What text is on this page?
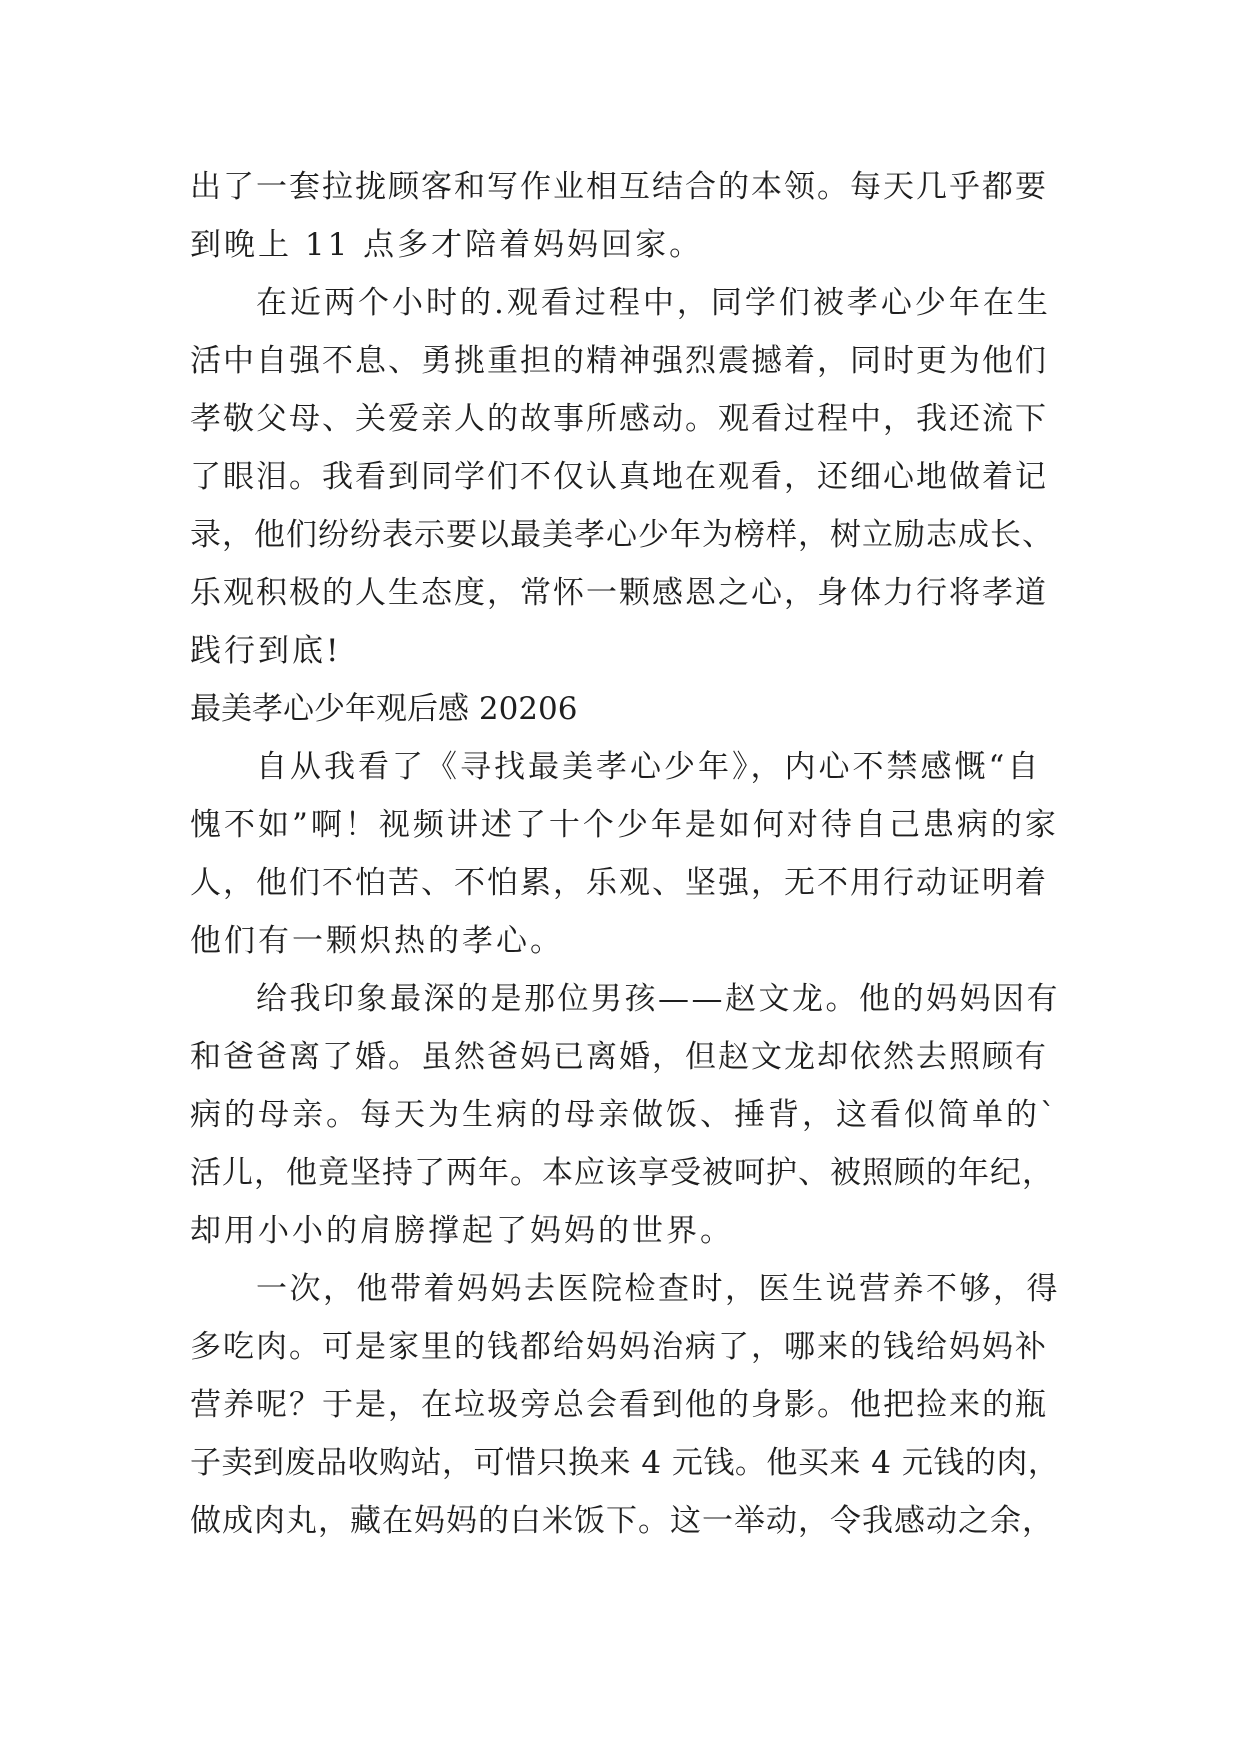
出了一套拉拢顾客和写作业相互结合的本领。每天几乎都要
到晚上 11 点多才陪着妈妈回家。
在近两个小时的.观看过程中，同学们被孝心少年在生
活中自强不息、勇挑重担的精神强烈震撼着，同时更为他们
孝敬父母、关爱亲人的故事所感动。观看过程中，我还流下
了眼泪。我看到同学们不仅认真地在观看，还细心地做着记
录，他们纷纷表示要以最美孝心少年为榜样，树立励志成长、
乐观积极的人生态度，常怀一颗感恩之心，身体力行将孝道
践行到底!
最美孝心少年观后感 20206
自从我看了《寻找最美孝心少年》，内心不禁感慨“自
愧不如”啊！视频讲述了十个少年是如何对待自己患病的家
人，他们不怕苦、不怕累，乐观、坚强，无不用行动证明着
他们有一颗炽热的孝心。
给我印象最深的是那位男孩——赵文龙。他的妈妈因有
和爸爸离了婚。虽然爸妈已离婚，但赵文龙却依然去照顾有
病的母亲。每天为生病的母亲做饭、捶背，这看似简单的`
活儿，他竟坚持了两年。本应该享受被呵护、被照顾的年纪，
却用小小的肩膀撑起了妈妈的世界。
一次，他带着妈妈去医院检查时，医生说营养不够，得
多吃肉。可是家里的钱都给妈妈治病了，哪来的钱给妈妈补
营养呢？于是，在垃圾旁总会看到他的身影。他把捡来的瓶
子卖到废品收购站，可惜只换来 4 元钱。他买来 4 元钱的肉，
做成肉丸，藏在妈妈的白米饭下。这一举动，令我感动之余，
